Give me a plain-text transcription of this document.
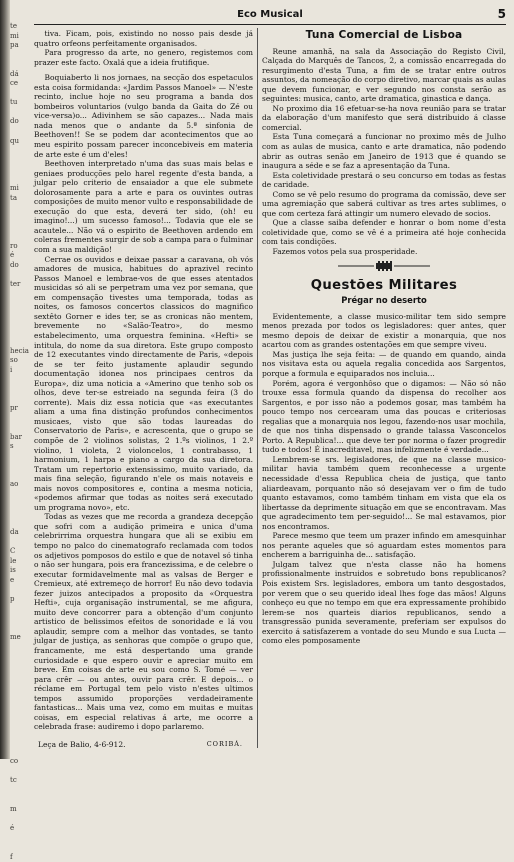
te
mi
pa

dá
ce

tu

do

qu

mi
ta

ro
é
do

ter

hecia
so
i

pr

bar
s

ao

da

C
le
is
e

p

me

co

tc

m

é

f
Eco Musical	5

tiva. Ficam, pois, existindo no nosso pais desde já quatro orfeons perfeitamente organisados.

Para progresso da arte, no genero, registemos com prazer este facto. Oxalá que a ideia frutifique.

Boquiaberto li nos jornaes, na secção dos espetaculos esta coisa formidanda: «Jardim Passos Manoel» — N'este recinto, inclue hoje no seu programa a banda dos bombeiros voluntarios (vulgo banda da Gaita do Zé ou vice-versa)o... Adivinhem se são capazes... Nada mais nada menos que o andante da 5.ª sinfonia de Beethoven!! Se se podem dar acontecimentos que ao meu espirito possam parecer inconcebiveis em materia de arte este é um d'eles!

Beethoven interpretado n'uma das suas mais belas e geniaes producções pelo harel regente d'esta banda, a julgar pelo criterio de ensaiador a que ele submete dolorosamente para a arte e para os ouvintes outras composições de muito menor vulto e responsabilidade de execução do que esta, deverá ter sido, (oh! eu imagino!...) um sucesso famoso!... Todavia que ele se acautele... Não vá o espirito de Beethoven ardendo em coleras frementes surgir de sob a campa para o fulminar com a sua maldição!

Cerrae os ouvidos e deixae passar a caravana, oh vós amadores de musica, habitues do aprazivel recinto Passos Manoel e lembrae-vos de que esses atentados musicidas só ali se perpetram uma vez por semana, que em compensação tivestes uma temporada, todas as noites, os famosos concertos classicos do magnifico sextêto Gorner e ides ter, se as cronicas não mentem, brevemente no «Salão-Teatro», do mesmo estabelecimento, uma orquestra feminina. «Hefti» se intitula, do nome da sua diretora. Este grupo composto de 12 executantes vindo directamente de Paris, «depois de se ter feito justamente aplaudir segundo documentação idonea nos principaes centros da Europa», diz uma noticia a «Amerino que tenho sob os olhos, deve ter-se estreiado na segunda feira (3 do corrente). Mais diz essa noticia que «as executantes aliam a uma fina distinção profundos conhecimentos musicaes, visto que são todas laureadas do Conservatorio de Paris», e acrescenta, que o grupo se compõe de 2 violinos solistas, 2 1.ºs violinos, 1 2.º violino, 1 violeta, 2 violoncelos, 1 contrabasso, 1 harmonium, 1 harpa e piano a cargo da sua diretora. Tratam um repertorio extensissimo, muito variado, da mais fina seleção, figurando n'ele os mais notaveis e mais novos compositores e, contina a mesma noticia, «podemos afirmar que todas as noites será executado um programa novo», etc.

Todas as vezes que me recorda a grandeza decepção que sofri com a audição primeira e unica d'uma celebrirrima orquestra hungara que ali se exibiu em tempo no palco do cinematografo reclamada com todos os adjetivos pomposos do estilo e que de notavel só tinha o não ser hungara, pois era francezissima, e de celebre o executar formidavelmente mal as valsas de Berger e Cremieux, até extremeço de horror! Eu não devo todavia fezer juizos antecipados a proposito da «Orquestra Hefti», cuja organisação instrumental, se me afigura, muito deve concorrer para a obtenção d'um conjunto artistico de belissimos efeitos de sonoridade e lá vou aplaudir, sempre com a melhor das vontades, se tanto julgar de justiça, as senhoras que compõe o grupo que, francamente, me está despertando uma grande curiosidade e que espero ouvir e apreciar muito em breve. Em coisas de arte eu sou como S. Tomé — ver para crêr — ou antes, ouvir para crêr. E depois... o réclame em Portugal tem pelo visto n'estes ultimos tempos assumido proporções verdadeiramente fantasticas... Mais uma vez, como em muitas e muitas coisas, em especial relativas á arte, me ocorre a celebrada frase: audiremo i dopo parlaremo.

Leça de Balio, 4-6-912.	CORIBÁ.
Tuna Comercial de Lisboa

Reune amanhã, na sala da Associação do Registo Civil, Calçada do Marquês de Tancos, 2, a comissão encarregada do resurgimento d'esta Tuna, a fim de se tratar entre outros assuntos, da nomeação do corpo diretivo, marcar quais as aulas que devem funcionar, e ver segundo nos consta serão as seguintes: musica, canto, arte dramatica, ginastica e dança.

No proximo dia 16 efetuar-se-ha nova reunião para se tratar da elaboração d'um manifesto que será distribuido á classe comercial.

Esta Tuna começará a funcionar no proximo mês de Julho com as aulas de musica, canto e arte dramatica, não podendo abrir as outras senão em Janeiro de 1913 que é quando se inaugura a séde e se faz a apresentação da Tuna.

Esta coletividade prestará o seu concurso em todas as festas de caridade.

Como se vê pelo resumo do programa da comissão, deve ser uma agremiação que saberá cultivar as tres artes sublimes, o que com certeza fará attingir um numero elevado de socios.

Que a classe saiba defender e honrar o bom nome d'esta coletividade que, como se vê é a primeira até hoje conhecida com tais condições.

Fazemos votos pela sua prosperidade.

Questões Militares
Prégar no deserto

Evidentemente, a classe musico-militar tem sido sempre menos prezada por todos os legisladores: quer antes, quer mesmo depois de deixar de existir a monarquia, que nos acartou com as grandes ostentações em que sempre viveu.

Mas justiça lhe seja feita: — de quando em quando, ainda nos visitava esta ou aquela regalia concedida aos Sargentos, porque a formula e equiparados nos incluia...

Porém, agora é vergonhôso que o digamos: — Não só não trouxe essa formula quando da dispensa do recolher aos Sargentos, e por isso não a podemos gosar, mas também ha pouco tempo nos cercearam uma das poucas e criteriosas regalias que a monarquia nos legou, fazendo-nos usar mochila, de que nos tinha dispensado o grande talassa Vasconcelos Porto. A Republica!... que deve ter por norma o fazer progredir tudo e todos! É inacreditavel, mas infelizmente é verdade...

Lembrem-se srs. legisladores, de que na classe musico-militar havia também quem reconhecesse a urgente necessidade d'essa Republica cheia de justiça, que tanto aliardeavam, porquanto não só desejavam ver o fim de tudo quanto estavamos, como também tinham em vista que ela os libertasse da deprimente situação em que se encontravam. Mas que agradecimento tem per-seguido!... Se mal estavamos, pior nos encontramos.

Parece mesmo que teem um prazer infindo em amesquinhar nos perante aqueles que só aguardam estes momentos para encherem a barriguinha de... satisfação.

Julgam talvez que n'esta classe não ha homens profissionalmente instruidos e sobretudo bons republicanos? Pois existem Srs. legisladores, embora um tanto desgostados, por verem que o seu querido ideal lhes foge das mãos! Alguns conheço eu que no tempo em que era expressamente prohibido lerem-se nos quarteis diarios republicanos, sendo a transgressão punida severamente, preferiam ser expulsos do exercito á satisfazerem a vontade do seu Mundo e sua Lucta — como eles pomposamente
